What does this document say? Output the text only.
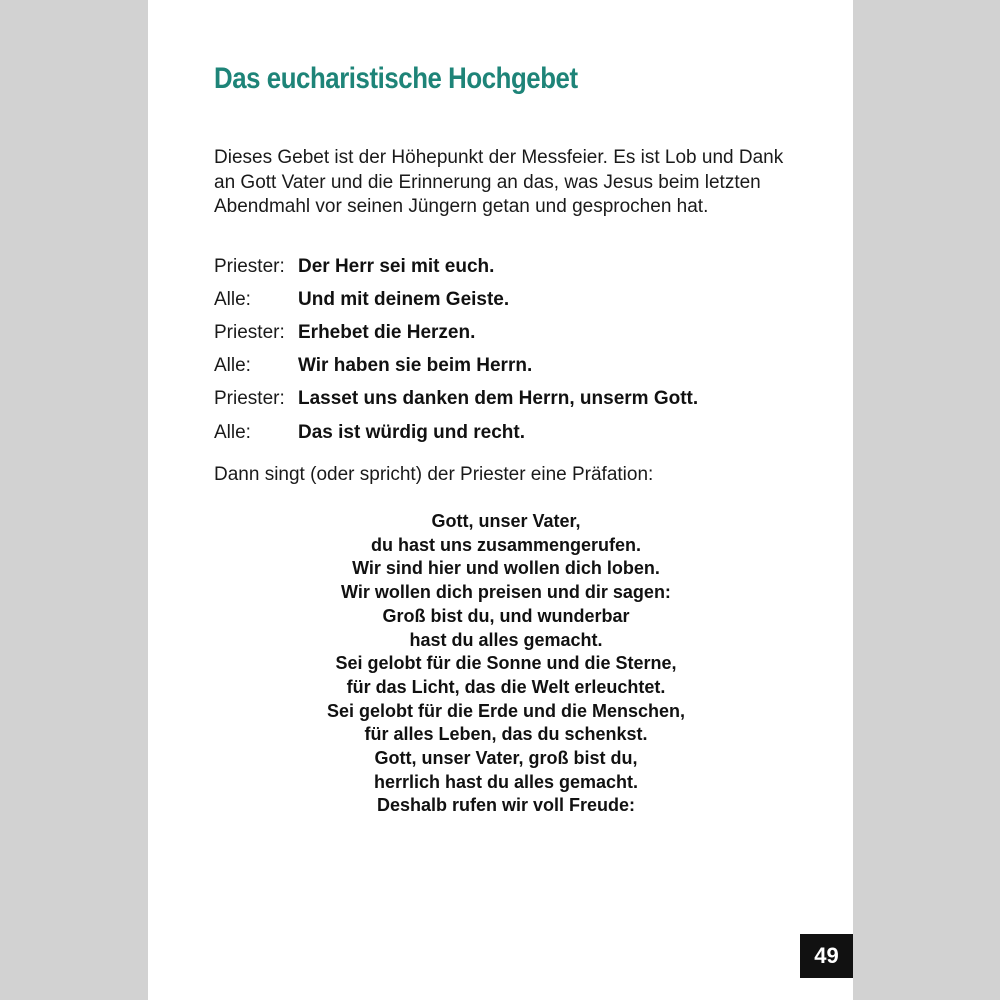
Das eucharistische Hochgebet

Dieses Gebet ist der Höhepunkt der Messfeier. Es ist Lob und Dank
an Gott Vater und die Erinnerung an das, was Jesus beim letzten
Abendmahl vor seinen Jüngern getan und gesprochen hat.

Priester: Der Herr sei mit euch.
Alle:	Und mit deinem Geiste.
Priester: Erhebet die Herzen.
Alle:	Wir haben sie beim Herrn.
Priester: Lasset uns danken dem Herrn, unserm Gott.
Alle:	Das ist würdig und recht.

Dann singt (oder spricht) der Priester eine Präfation:

Gott, unser Vater,
du hast uns zusammengerufen.
Wir sind hier und wollen dich loben.
Wir wollen dich preisen und dir sagen:
Groß bist du, und wunderbar
hast du alles gemacht.
Sei gelobt für die Sonne und die Sterne,
für das Licht, das die Welt erleuchtet.
Sei gelobt für die Erde und die Menschen,
für alles Leben, das du schenkst.
Gott, unser Vater, groß bist du,
herrlich hast du alles gemacht.
Deshalb rufen wir voll Freude:
49
